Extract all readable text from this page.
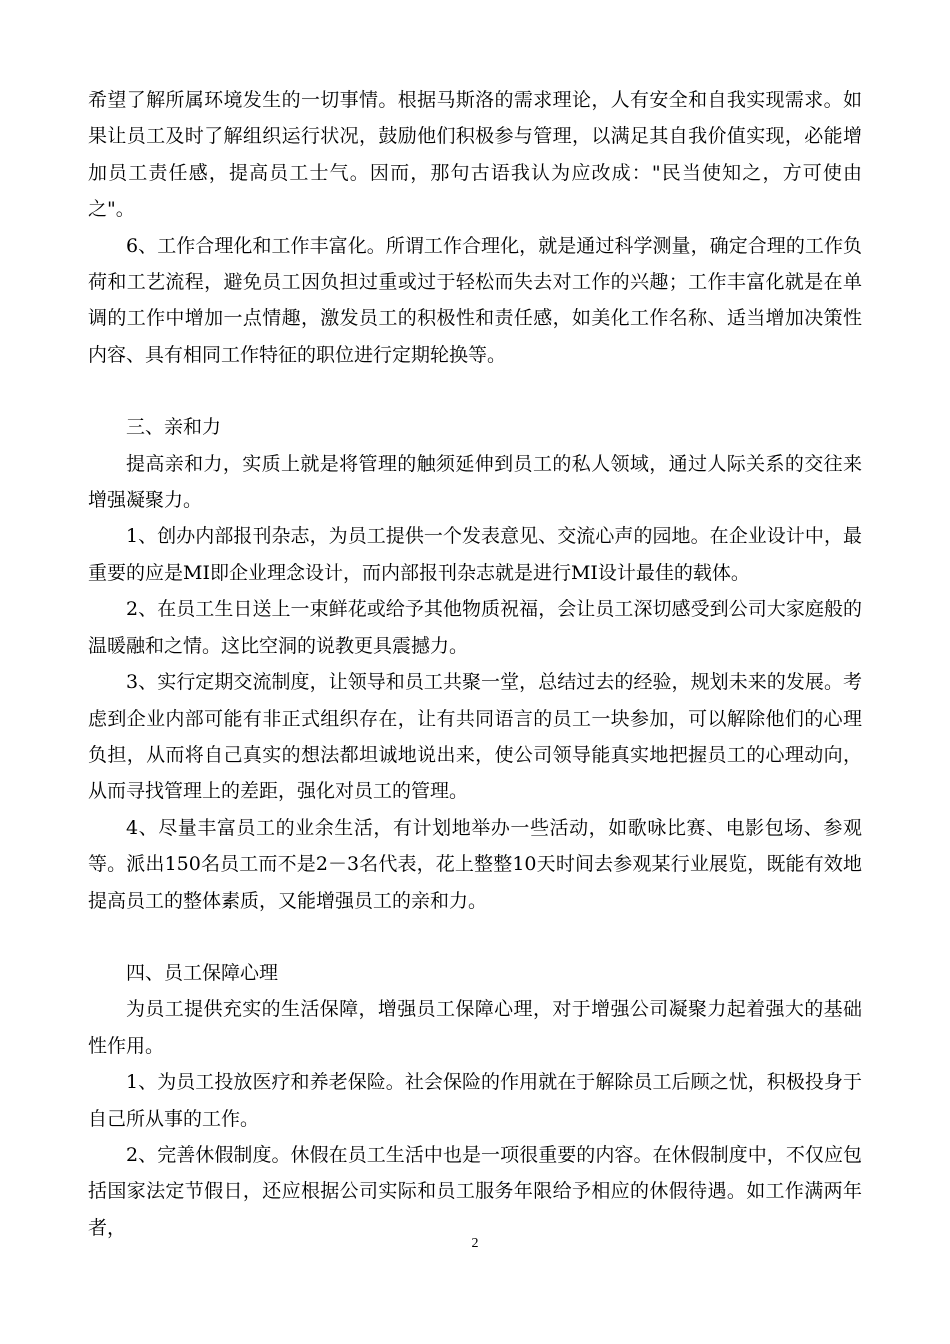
希望了解所属环境发生的一切事情。根据马斯洛的需求理论，人有安全和自我实现需求。如果让员工及时了解组织运行状况，鼓励他们积极参与管理，以满足其自我价值实现，必能增加员工责任感，提高员工士气。因而，那句古语我认为应改成："民当使知之，方可使由之"。

6、工作合理化和工作丰富化。所谓工作合理化，就是通过科学测量，确定合理的工作负荷和工艺流程，避免员工因负担过重或过于轻松而失去对工作的兴趣；工作丰富化就是在单调的工作中增加一点情趣，激发员工的积极性和责任感，如美化工作名称、适当增加决策性内容、具有相同工作特征的职位进行定期轮换等。

三、亲和力

提高亲和力，实质上就是将管理的触须延伸到员工的私人领域，通过人际关系的交往来增强凝聚力。

1、创办内部报刊杂志，为员工提供一个发表意见、交流心声的园地。在企业设计中，最重要的应是MI即企业理念设计，而内部报刊杂志就是进行MI设计最佳的载体。

2、在员工生日送上一束鲜花或给予其他物质祝福，会让员工深切感受到公司大家庭般的温暖融和之情。这比空洞的说教更具震撼力。

3、实行定期交流制度，让领导和员工共聚一堂，总结过去的经验，规划未来的发展。考虑到企业内部可能有非正式组织存在，让有共同语言的员工一块参加，可以解除他们的心理负担，从而将自己真实的想法都坦诚地说出来，使公司领导能真实地把握员工的心理动向，从而寻找管理上的差距，强化对员工的管理。

4、尽量丰富员工的业余生活，有计划地举办一些活动，如歌咏比赛、电影包场、参观等。派出150名员工而不是2－3名代表，花上整整10天时间去参观某行业展览，既能有效地提高员工的整体素质，又能增强员工的亲和力。

四、员工保障心理

为员工提供充实的生活保障，增强员工保障心理，对于增强公司凝聚力起着强大的基础性作用。

1、为员工投放医疗和养老保险。社会保险的作用就在于解除员工后顾之忧，积极投身于自己所从事的工作。

2、完善休假制度。休假在员工生活中也是一项很重要的内容。在休假制度中，不仅应包括国家法定节假日，还应根据公司实际和员工服务年限给予相应的休假待遇。如工作满两年者，

2
